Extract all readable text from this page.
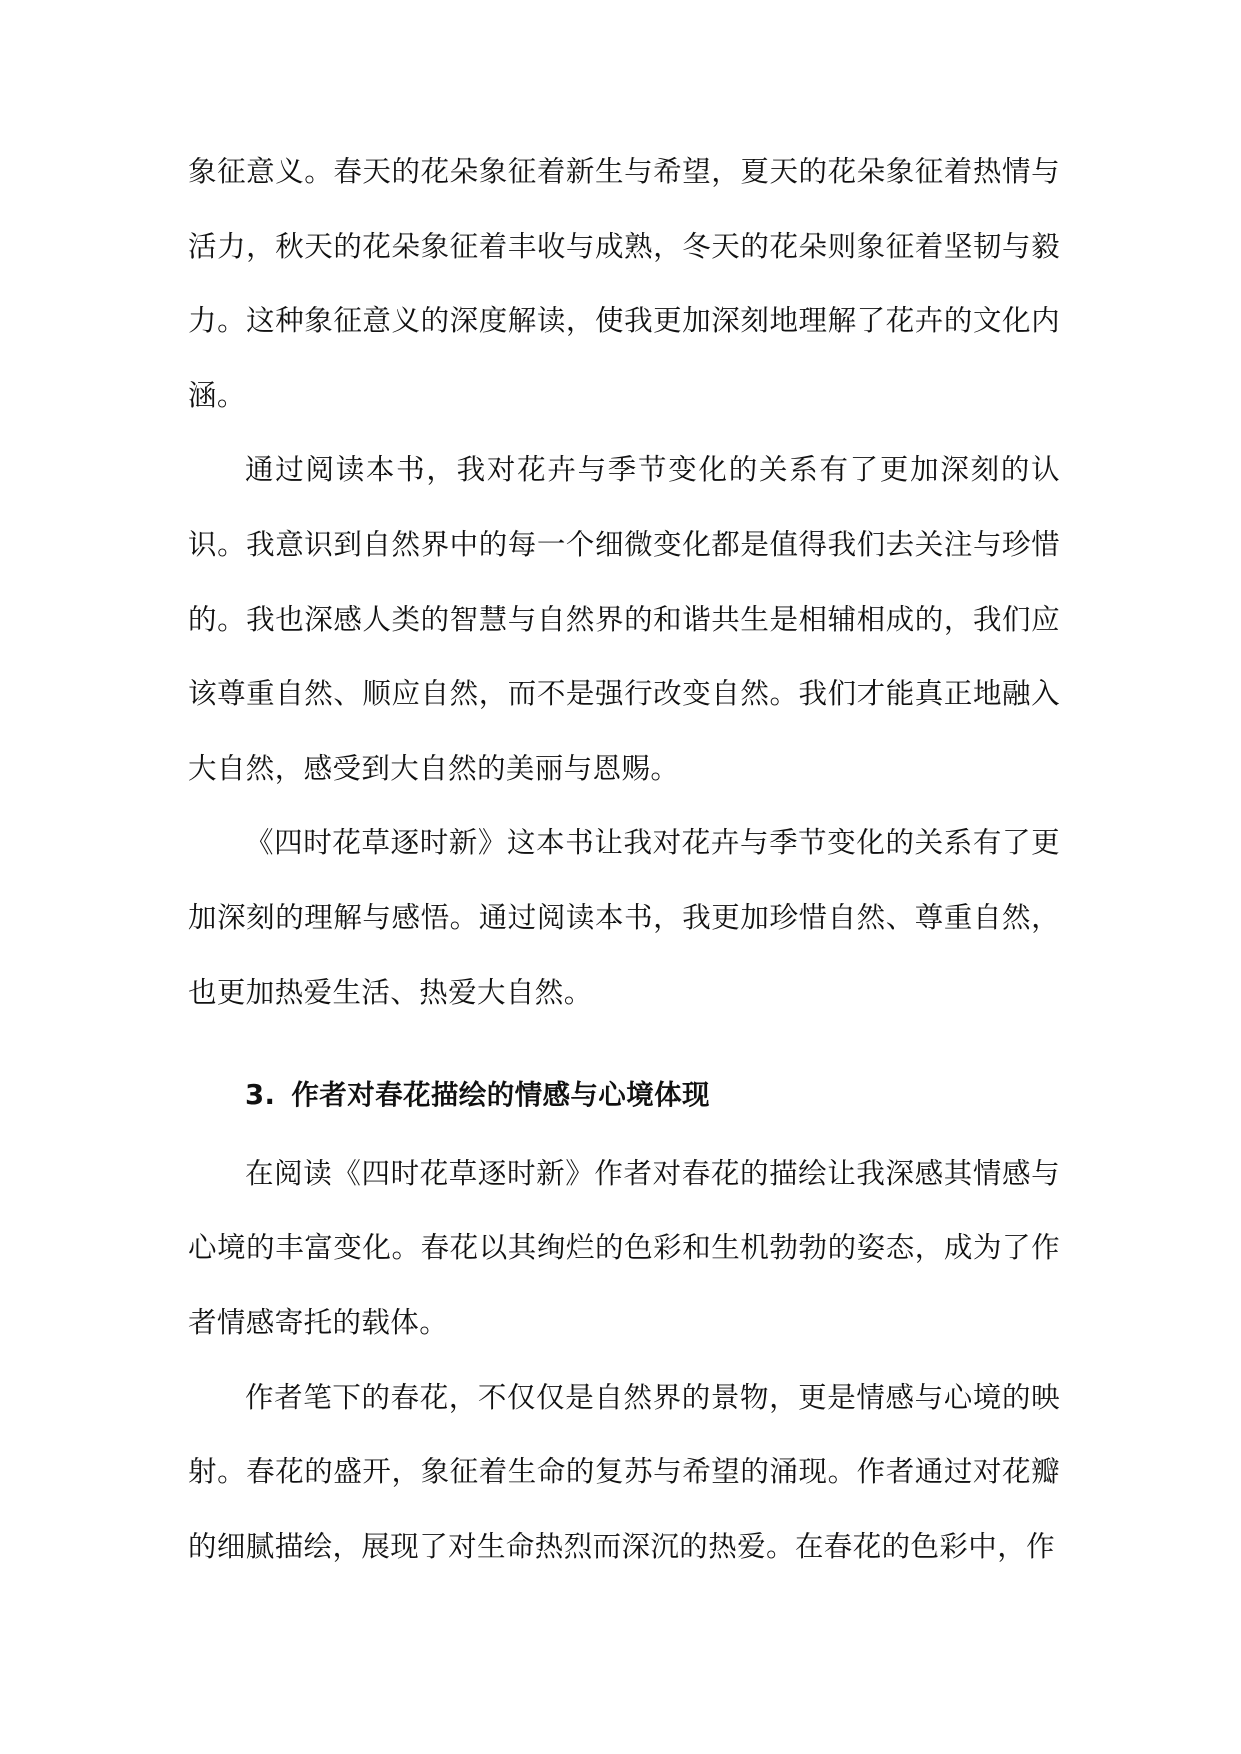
象征意义。春天的花朵象征着新生与希望，夏天的花朵象征着热情与活力，秋天的花朵象征着丰收与成熟，冬天的花朵则象征着坚韧与毅力。这种象征意义的深度解读，使我更加深刻地理解了花卉的文化内涵。

通过阅读本书，我对花卉与季节变化的关系有了更加深刻的认识。我意识到自然界中的每一个细微变化都是值得我们去关注与珍惜的。我也深感人类的智慧与自然界的和谐共生是相辅相成的，我们应该尊重自然、顺应自然，而不是强行改变自然。我们才能真正地融入大自然，感受到大自然的美丽与恩赐。

《四时花草逐时新》这本书让我对花卉与季节变化的关系有了更加深刻的理解与感悟。通过阅读本书，我更加珍惜自然、尊重自然，也更加热爱生活、热爱大自然。

3. 作者对春花描绘的情感与心境体现

在阅读《四时花草逐时新》作者对春花的描绘让我深感其情感与心境的丰富变化。春花以其绚烂的色彩和生机勃勃的姿态，成为了作者情感寄托的载体。

作者笔下的春花，不仅仅是自然界的景物，更是情感与心境的映射。春花的盛开，象征着生命的复苏与希望的涌现。作者通过对花瓣的细腻描绘，展现了对生命热烈而深沉的热爱。在春花的色彩中，作
